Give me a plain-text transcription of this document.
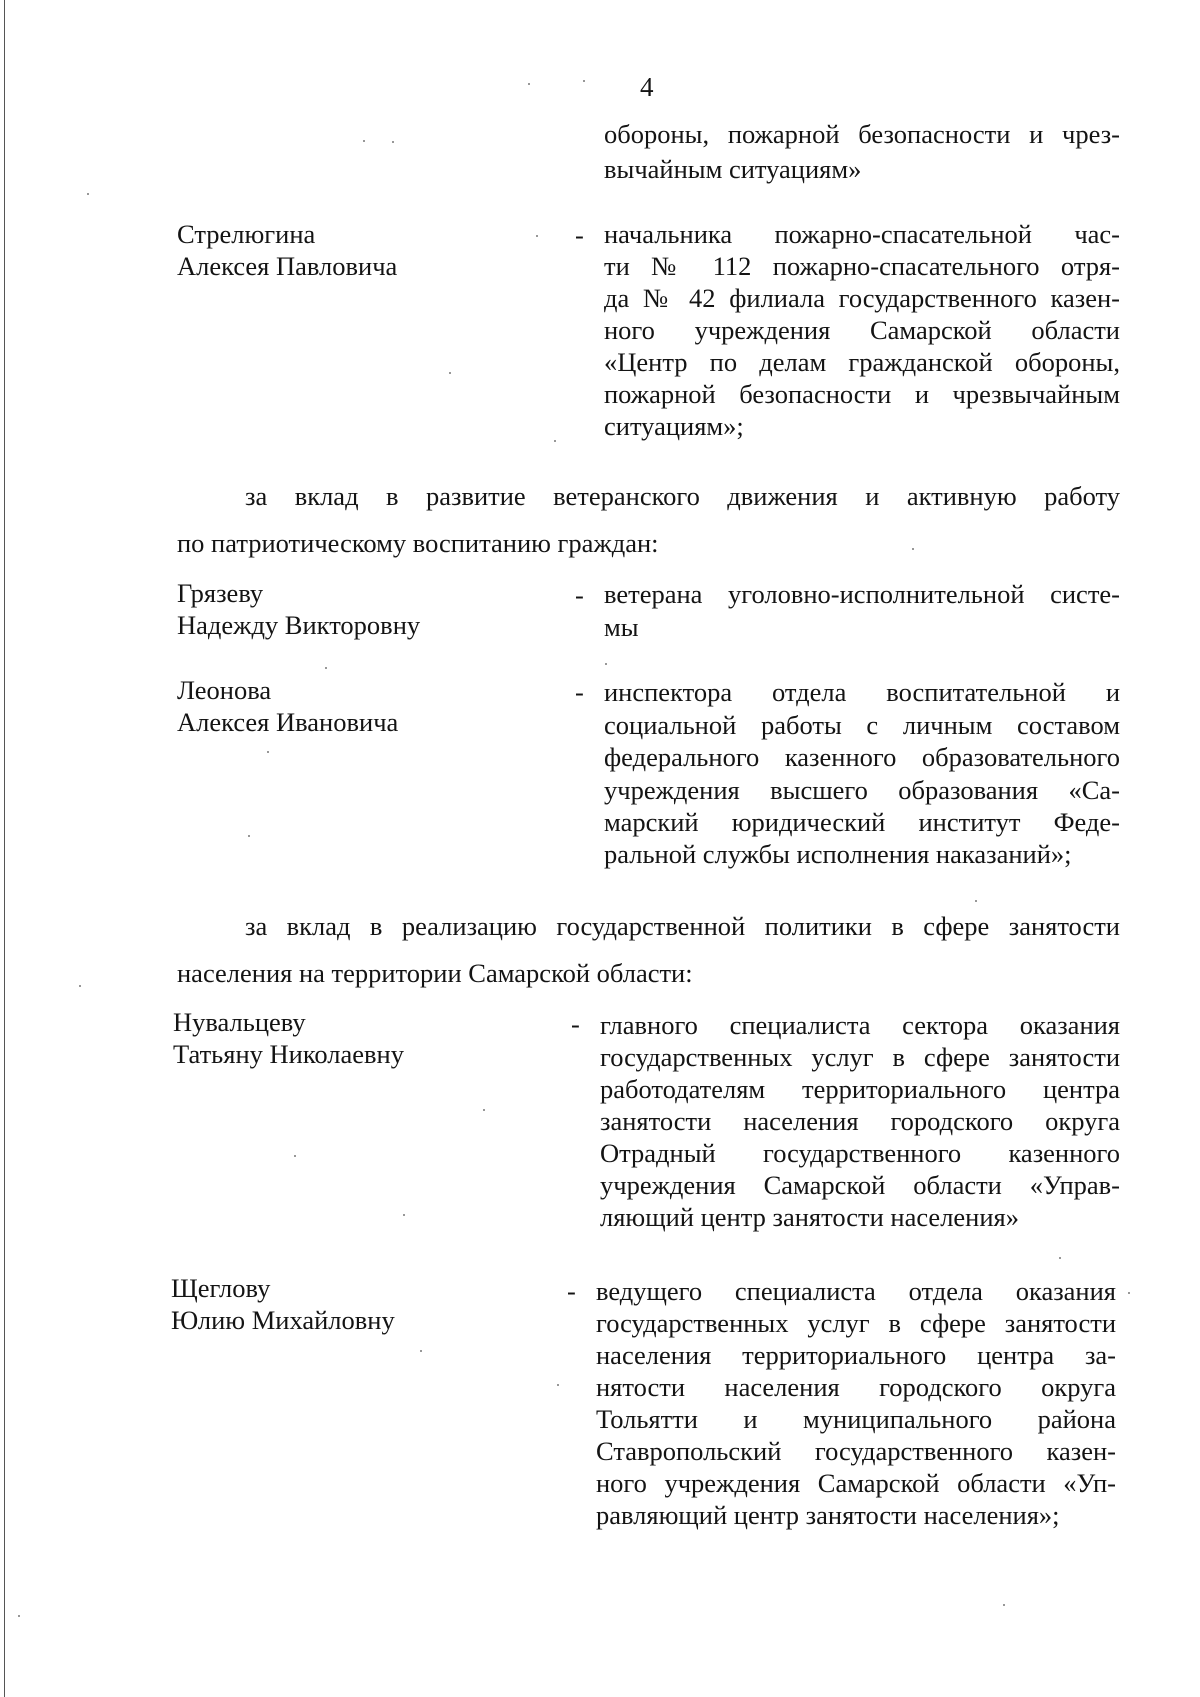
4
обороны, пожарной безопасности и чрез-
вычайным ситуациям»
Стрелюгина
Алексея Павловича
- начальника пожарно-спасательной час-
ти № 112 пожарно-спасательного отря-
да № 42 филиала государственного казен-
ного учреждения Самарской области
«Центр по делам гражданской обороны,
пожарной безопасности и чрезвычайным
ситуациям»;
за вклад в развитие ветеранского движения и активную работу
по патриотическому воспитанию граждан:
Грязеву
Надежду Викторовну
- ветерана уголовно-исполнительной систе-
мы
Леонова
Алексея Ивановича
- инспектора отдела воспитательной и
социальной работы с личным составом
федерального казенного образовательного
учреждения высшего образования «Са-
марский юридический институт Феде-
ральной службы исполнения наказаний»;
за вклад в реализацию государственной политики в сфере занятости
населения на территории Самарской области:
Нувальцеву
Татьяну Николаевну
- главного специалиста сектора оказания
государственных услуг в сфере занятости
работодателям территориального центра
занятости населения городского округа
Отрадный государственного казенного
учреждения Самарской области «Управ-
ляющий центр занятости населения»
Щеглову
Юлию Михайловну
- ведущего специалиста отдела оказания
государственных услуг в сфере занятости
населения территориального центра за-
нятости населения городского округа
Тольятти и муниципального района
Ставропольский государственного казен-
ного учреждения Самарской области «Уп-
равляющий центр занятости населения»;
